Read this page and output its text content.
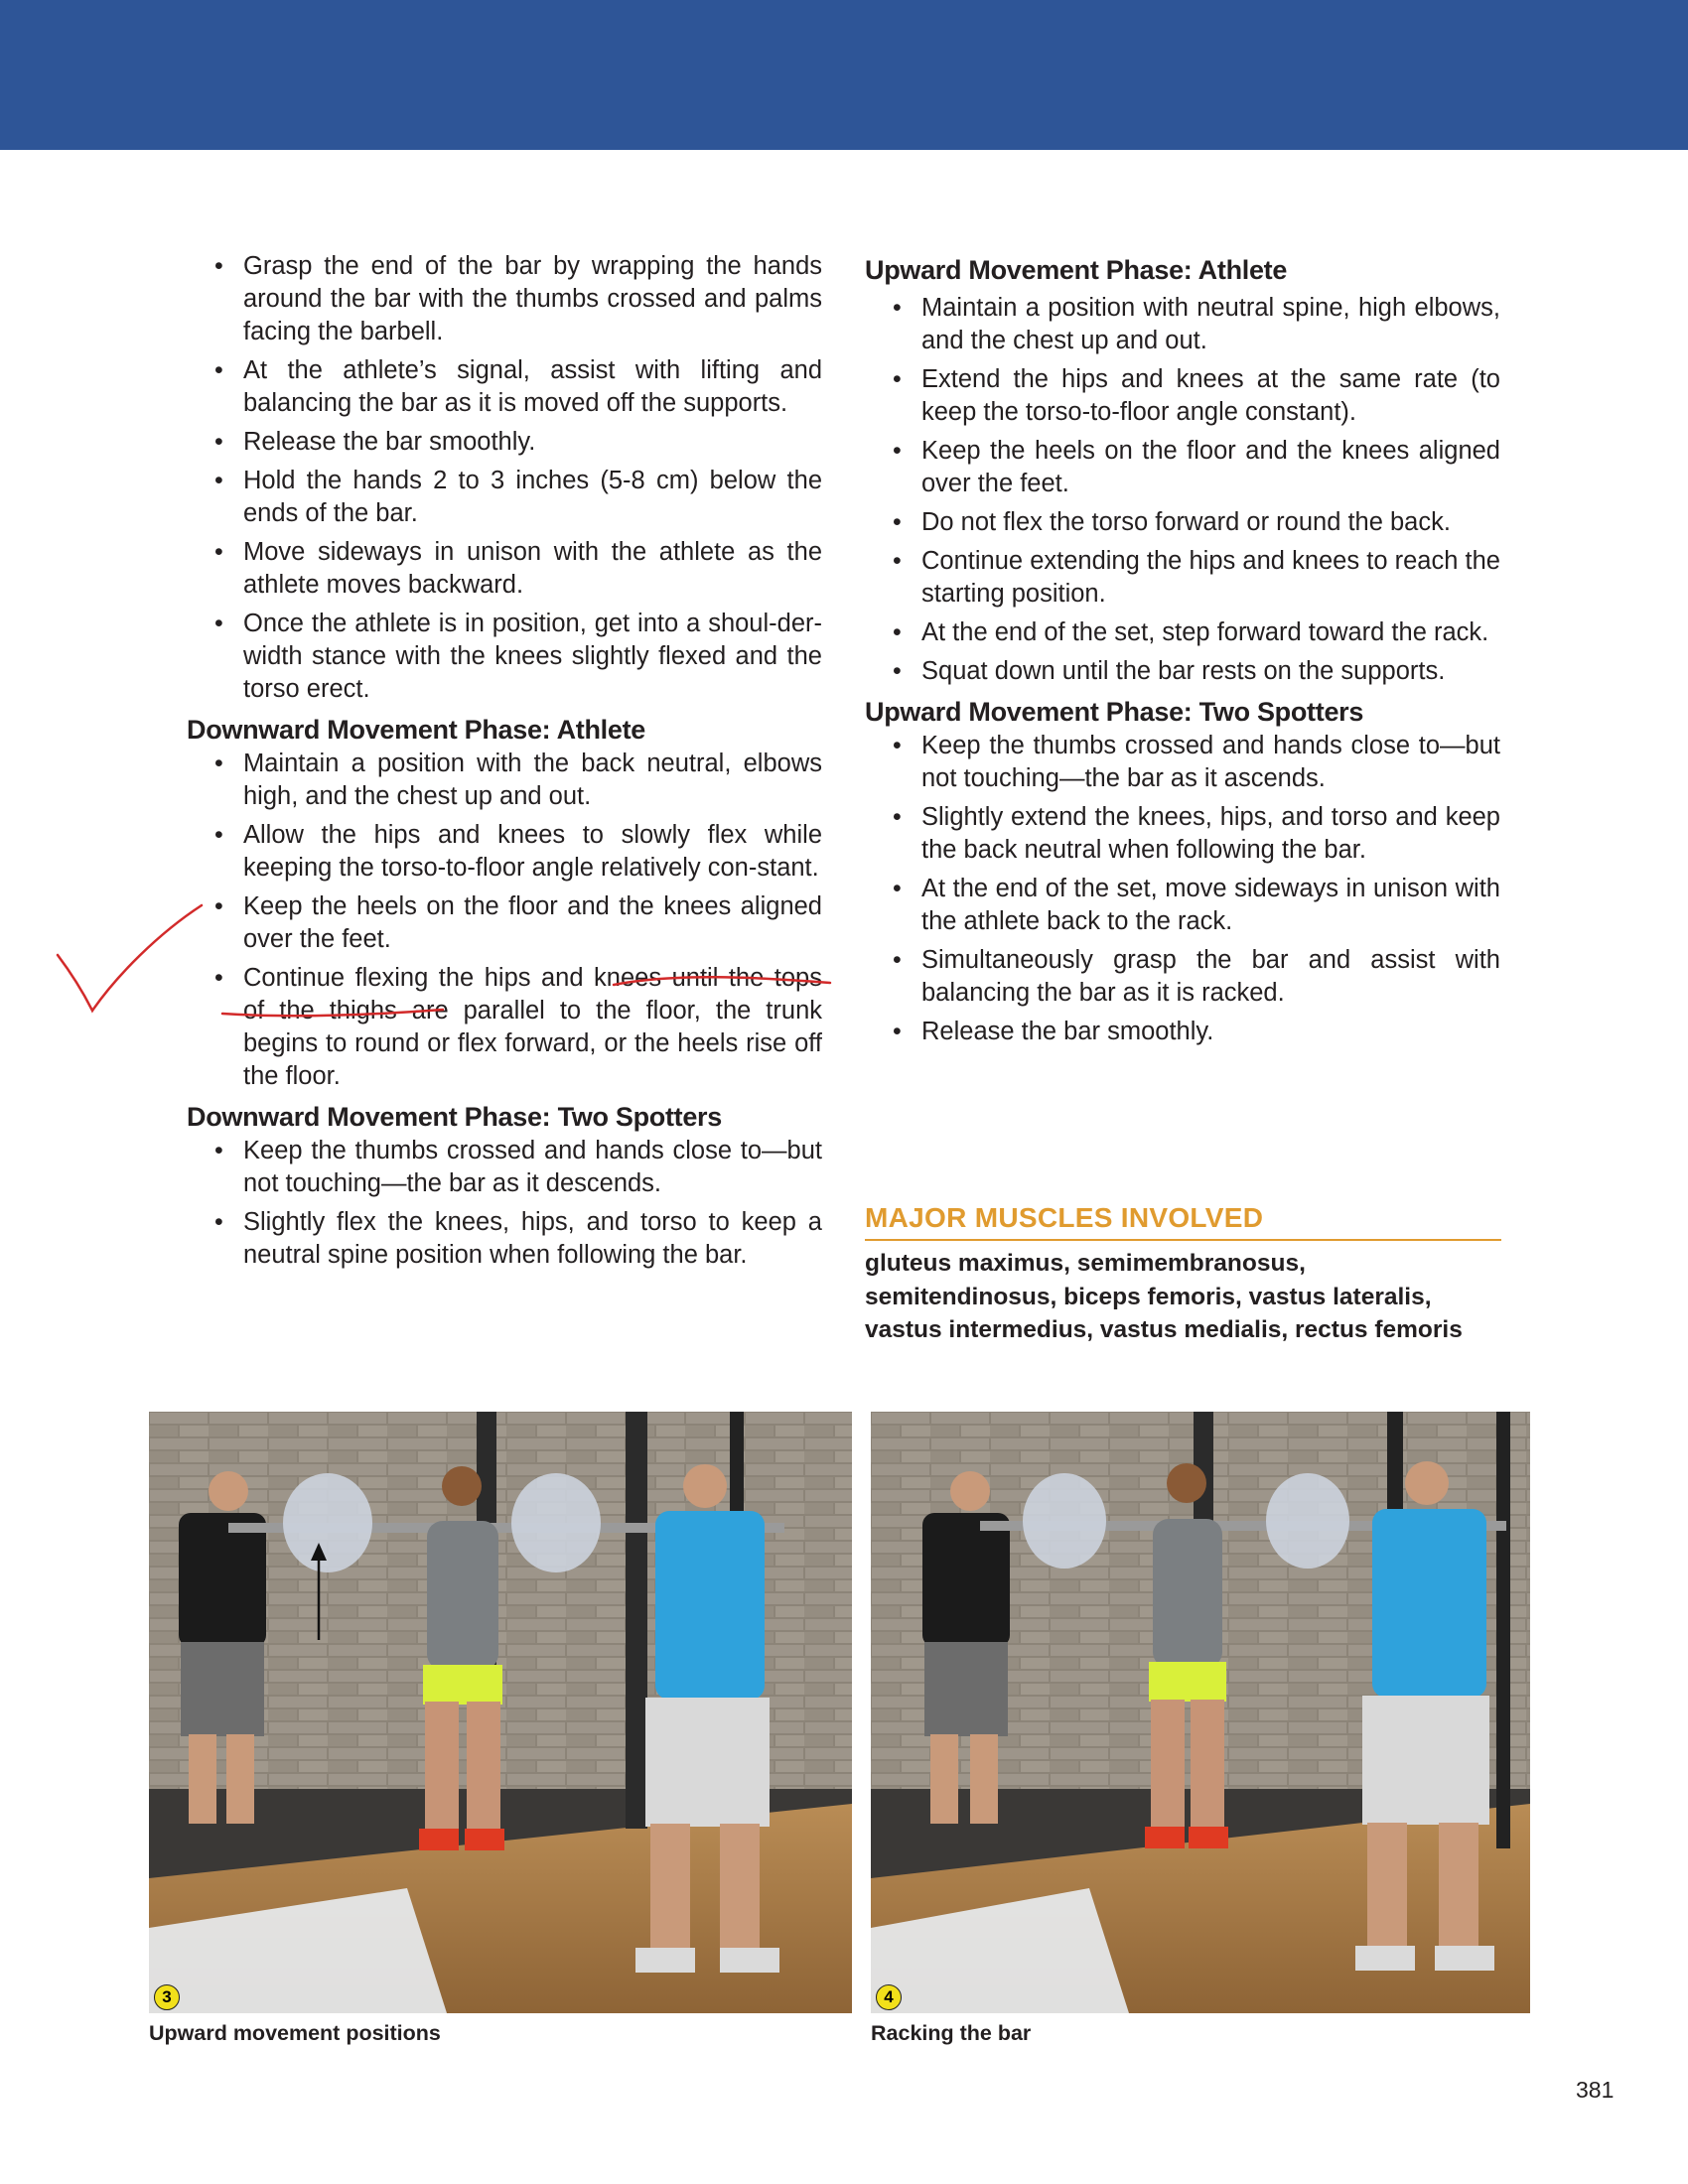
• Grasp the end of the bar by wrapping the hands around the bar with the thumbs crossed and palms facing the barbell.
• At the athlete’s signal, assist with lifting and balancing the bar as it is moved off the supports.
• Release the bar smoothly.
• Hold the hands 2 to 3 inches (5-8 cm) below the ends of the bar.
• Move sideways in unison with the athlete as the athlete moves backward.
• Once the athlete is in position, get into a shoul-der-width stance with the knees slightly flexed and the torso erect.
Downward Movement Phase: Athlete
• Maintain a position with the back neutral, elbows high, and the chest up and out.
• Allow the hips and knees to slowly flex while keeping the torso-to-floor angle relatively con-stant.
• Keep the heels on the floor and the knees aligned over the feet.
• Continue flexing the hips and knees until the tops of the thighs are parallel to the floor, the trunk begins to round or flex forward, or the heels rise off the floor.
Downward Movement Phase: Two Spotters
• Keep the thumbs crossed and hands close to—but not touching—the bar as it descends.
• Slightly flex the knees, hips, and torso to keep a neutral spine position when following the bar.
Upward Movement Phase: Athlete
• Maintain a position with neutral spine, high elbows, and the chest up and out.
• Extend the hips and knees at the same rate (to keep the torso-to-floor angle constant).
• Keep the heels on the floor and the knees aligned over the feet.
• Do not flex the torso forward or round the back.
• Continue extending the hips and knees to reach the starting position.
• At the end of the set, step forward toward the rack.
• Squat down until the bar rests on the supports.
Upward Movement Phase: Two Spotters
• Keep the thumbs crossed and hands close to—but not touching—the bar as it ascends.
• Slightly extend the knees, hips, and torso and keep the back neutral when following the bar.
• At the end of the set, move sideways in unison with the athlete back to the rack.
• Simultaneously grasp the bar and assist with balancing the bar as it is racked.
• Release the bar smoothly.
MAJOR MUSCLES INVOLVED
gluteus maximus, semimembranosus, semitendinosus, biceps femoris, vastus lateralis, vastus intermedius, vastus medialis, rectus femoris
3	4
Upward movement positions	Racking the bar
381
